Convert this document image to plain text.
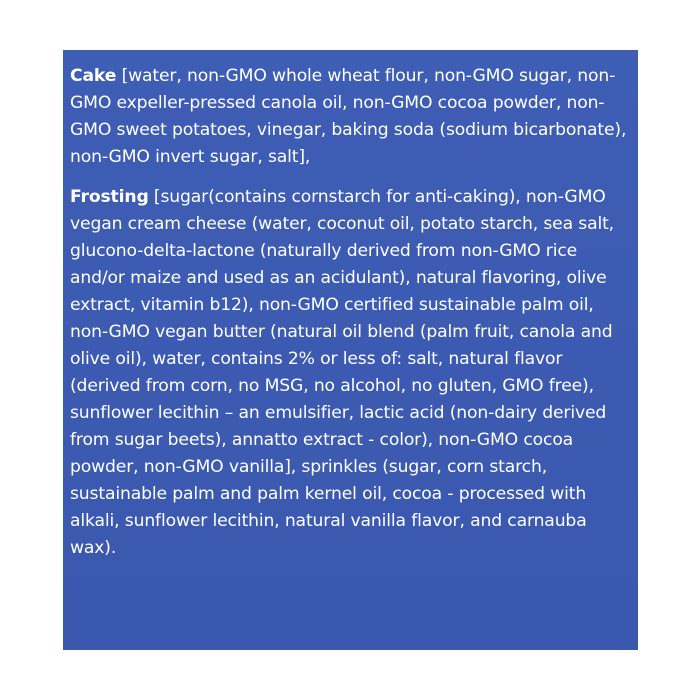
Cake [water, non-GMO whole wheat flour, non-GMO sugar, non-GMO expeller-pressed canola oil, non-GMO cocoa powder, non-GMO sweet potatoes, vinegar, baking soda (sodium bicarbonate), non-GMO invert sugar, salt],

Frosting [sugar(contains cornstarch for anti-caking), non-GMO vegan cream cheese (water, coconut oil, potato starch, sea salt, glucono-delta-lactone (naturally derived from non-GMO rice and/or maize and used as an acidulant), natural flavoring, olive extract, vitamin b12), non-GMO certified sustainable palm oil, non-GMO vegan butter (natural oil blend (palm fruit, canola and olive oil), water, contains 2% or less of: salt, natural flavor (derived from corn, no MSG, no alcohol, no gluten, GMO free), sunflower lecithin – an emulsifier, lactic acid (non-dairy derived from sugar beets), annatto extract - color), non-GMO cocoa powder, non-GMO vanilla], sprinkles (sugar, corn starch, sustainable palm and palm kernel oil, cocoa - processed with alkali, sunflower lecithin, natural vanilla flavor, and carnauba wax).
